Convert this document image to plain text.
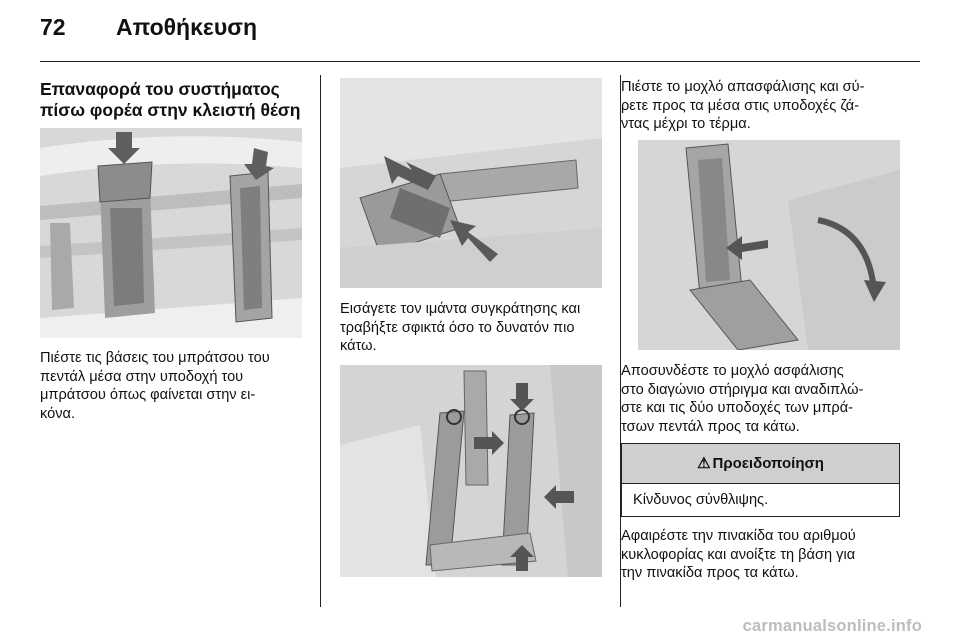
72 Αποθήκευση
Επαναφορά του συστήματος
πίσω φορέα στην κλειστή θέση
Πιέστε τις βάσεις του μπράτσου του
πεντάλ μέσα στην υποδοχή του
μπράτσου όπως φαίνεται στην ει-
κόνα.
Εισάγετε τον ιμάντα συγκράτησης και
τραβήξτε σφικτά όσο το δυνατόν πιο
κάτω.
Πιέστε το μοχλό απασφάλισης και σύ-
ρετε προς τα μέσα στις υποδοχές ζά-
ντας μέχρι το τέρμα.
Αποσυνδέστε το μοχλό ασφάλισης
στο διαγώνιο στήριγμα και αναδιπλώ-
στε και τις δύο υποδοχές των μπρά-
τσων πεντάλ προς τα κάτω.
⚠ Προειδοποίηση
Κίνδυνος σύνθλιψης.
Αφαιρέστε την πινακίδα του αριθμού
κυκλοφορίας και ανοίξτε τη βάση για
την πινακίδα προς τα κάτω.
carmanualsonline.info
